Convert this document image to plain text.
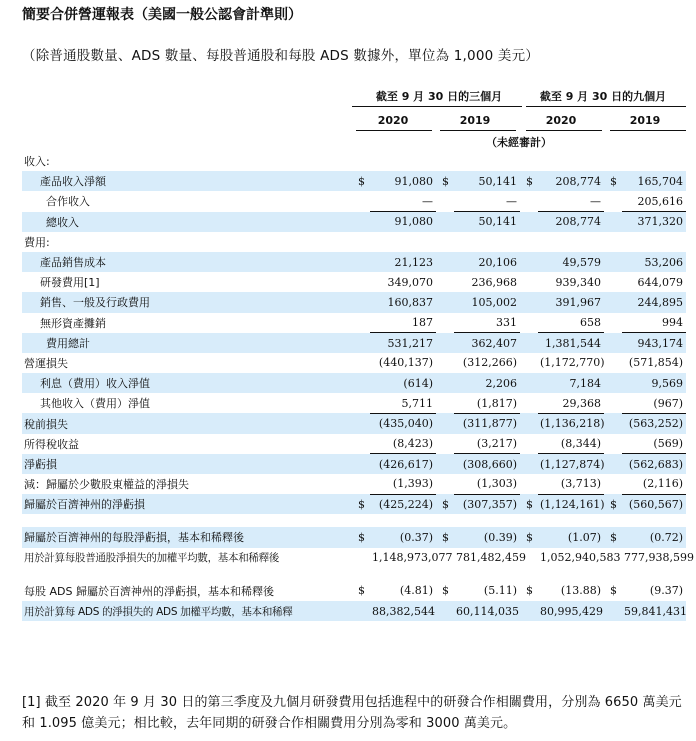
簡要合併營運報表（美國一般公認會計準則）
（除普通股數量、ADS 數量、每股普通股和每股 ADS 數據外，單位為 1,000 美元）
截至 9 月 30 日的三個月	截至 9 月 30 日的九個月
2020	2019	2020	2019
（未經審計）
收入:								
產品收入淨額	$	91,080	$	50,141	$	208,774	$	165,704
合作收入		—		—		—		205,616
總收入		91,080		50,141		208,774		371,320
費用:								
產品銷售成本		21,123		20,106		49,579		53,206
研發費用[1]		349,070		236,968		939,340		644,079
銷售、一般及行政費用		160,837		105,002		391,967		244,895
無形資產攤銷		187		331		658		994
費用總計		531,217		362,407		1,381,544		943,174
營運損失		(440,137)		(312,266)		(1,172,770)		(571,854)
利息（費用）收入淨值		(614)		2,206		7,184		9,569
其他收入（費用）淨值		5,711		(1,817)		29,368		(967)
稅前損失		(435,040)		(311,877)		(1,136,218)		(563,252)
所得稅收益		(8,423)		(3,217)		(8,344)		(569)
淨虧損		(426,617)		(308,660)		(1,127,874)		(562,683)
減：歸屬於少數股東權益的淨損失		(1,393)		(1,303)		(3,713)		(2,116)
歸屬於百濟神州的淨虧損	$	(425,224)	$	(307,357)	$	(1,124,161)	$	(560,567)

歸屬於百濟神州的每股淨虧損，基本和稀釋後	$	(0.37)	$	(0.39)	$	(1.07)	$	(0.72)
用於計算每股普通股淨損失的加權平均數，基本和稀釋後		1,148,973,077		781,482,459		1,052,940,583		777,938,599

每股 ADS 歸屬於百濟神州的淨虧損，基本和稀釋後	$	(4.81)	$	(5.11)	$	(13.88)	$	(9.37)
用於計算每 ADS 的淨損失的 ADS 加權平均數，基本和稀釋		88,382,544		60,114,035		80,995,429		59,841,431
[1] 截至 2020 年 9 月 30 日的第三季度及九個月研發費用包括進程中的研發合作相關費用，分別為 6650 萬美元和 1.095 億美元；相比較，去年同期的研發合作相關費用分別為零和 3000 萬美元。
